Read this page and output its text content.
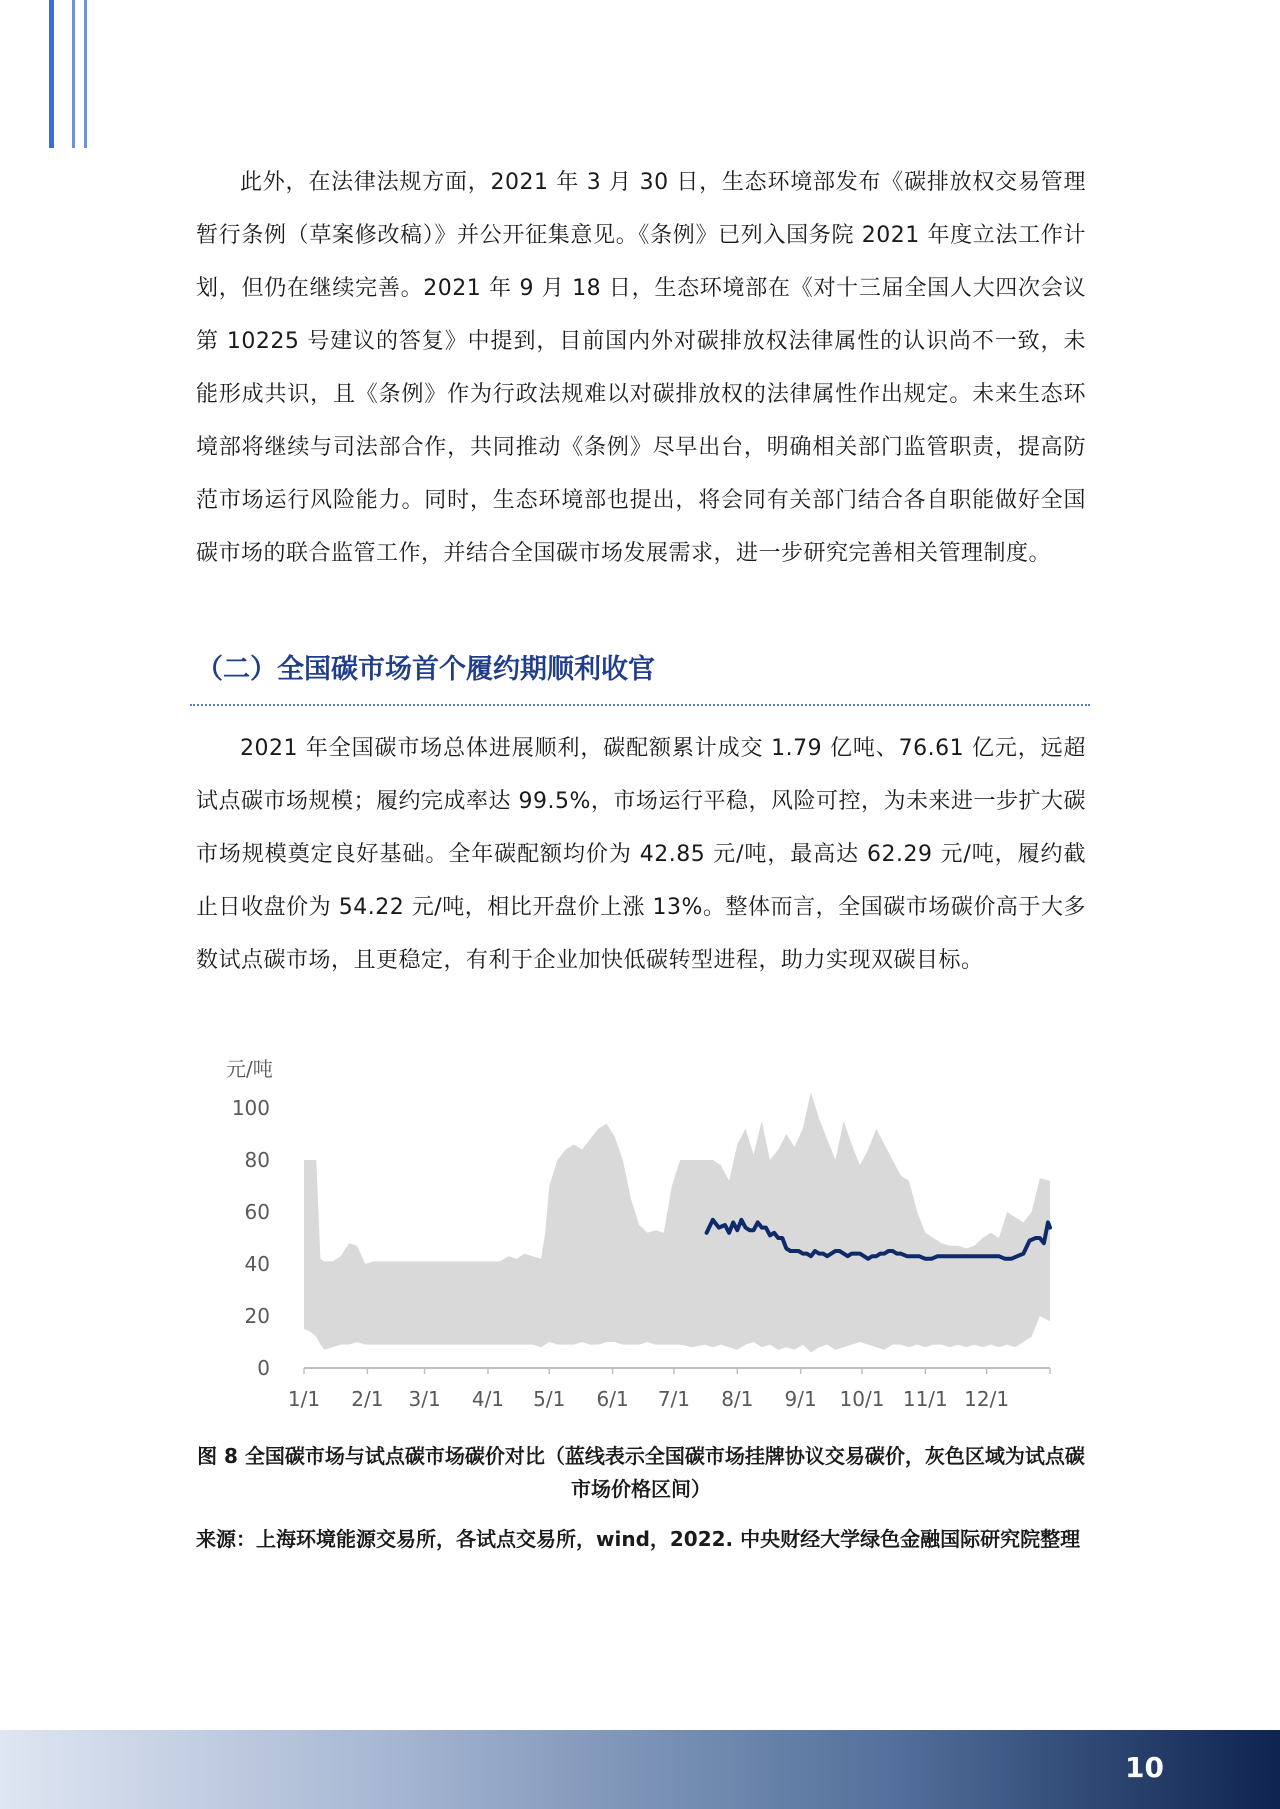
此外，在法律法规方面，2021 年 3 月 30 日，生态环境部发布《碳排放权交易管理暂行条例（草案修改稿）》并公开征集意见。《条例》已列入国务院 2021 年度立法工作计划，但仍在继续完善。2021 年 9 月 18 日，生态环境部在《对十三届全国人大四次会议第 10225 号建议的答复》中提到，目前国内外对碳排放权法律属性的认识尚不一致，未能形成共识，且《条例》作为行政法规难以对碳排放权的法律属性作出规定。未来生态环境部将继续与司法部合作，共同推动《条例》尽早出台，明确相关部门监管职责，提高防范市场运行风险能力。同时，生态环境部也提出，将会同有关部门结合各自职能做好全国碳市场的联合监管工作，并结合全国碳市场发展需求，进一步研究完善相关管理制度。

（二）全国碳市场首个履约期顺利收官

2021 年全国碳市场总体进展顺利，碳配额累计成交 1.79 亿吨、76.61 亿元，远超试点碳市场规模；履约完成率达 99.5%，市场运行平稳，风险可控，为未来进一步扩大碳市场规模奠定良好基础。全年碳配额均价为 42.85 元/吨，最高达 62.29 元/吨，履约截止日收盘价为 54.22 元/吨，相比开盘价上涨 13%。整体而言，全国碳市场碳价高于大多数试点碳市场，且更稳定，有利于企业加快低碳转型进程，助力实现双碳目标。

0
20
40
60
80
100
元/吨
1/1 2/1 3/1 4/1 5/1 6/1 7/1 8/1 9/1 10/1 11/1 12/1

图 8 全国碳市场与试点碳市场碳价对比（蓝线表示全国碳市场挂牌协议交易碳价，灰色区域为试点碳市场价格区间）

来源：上海环境能源交易所，各试点交易所，wind，2022. 中央财经大学绿色金融国际研究院整理

10
